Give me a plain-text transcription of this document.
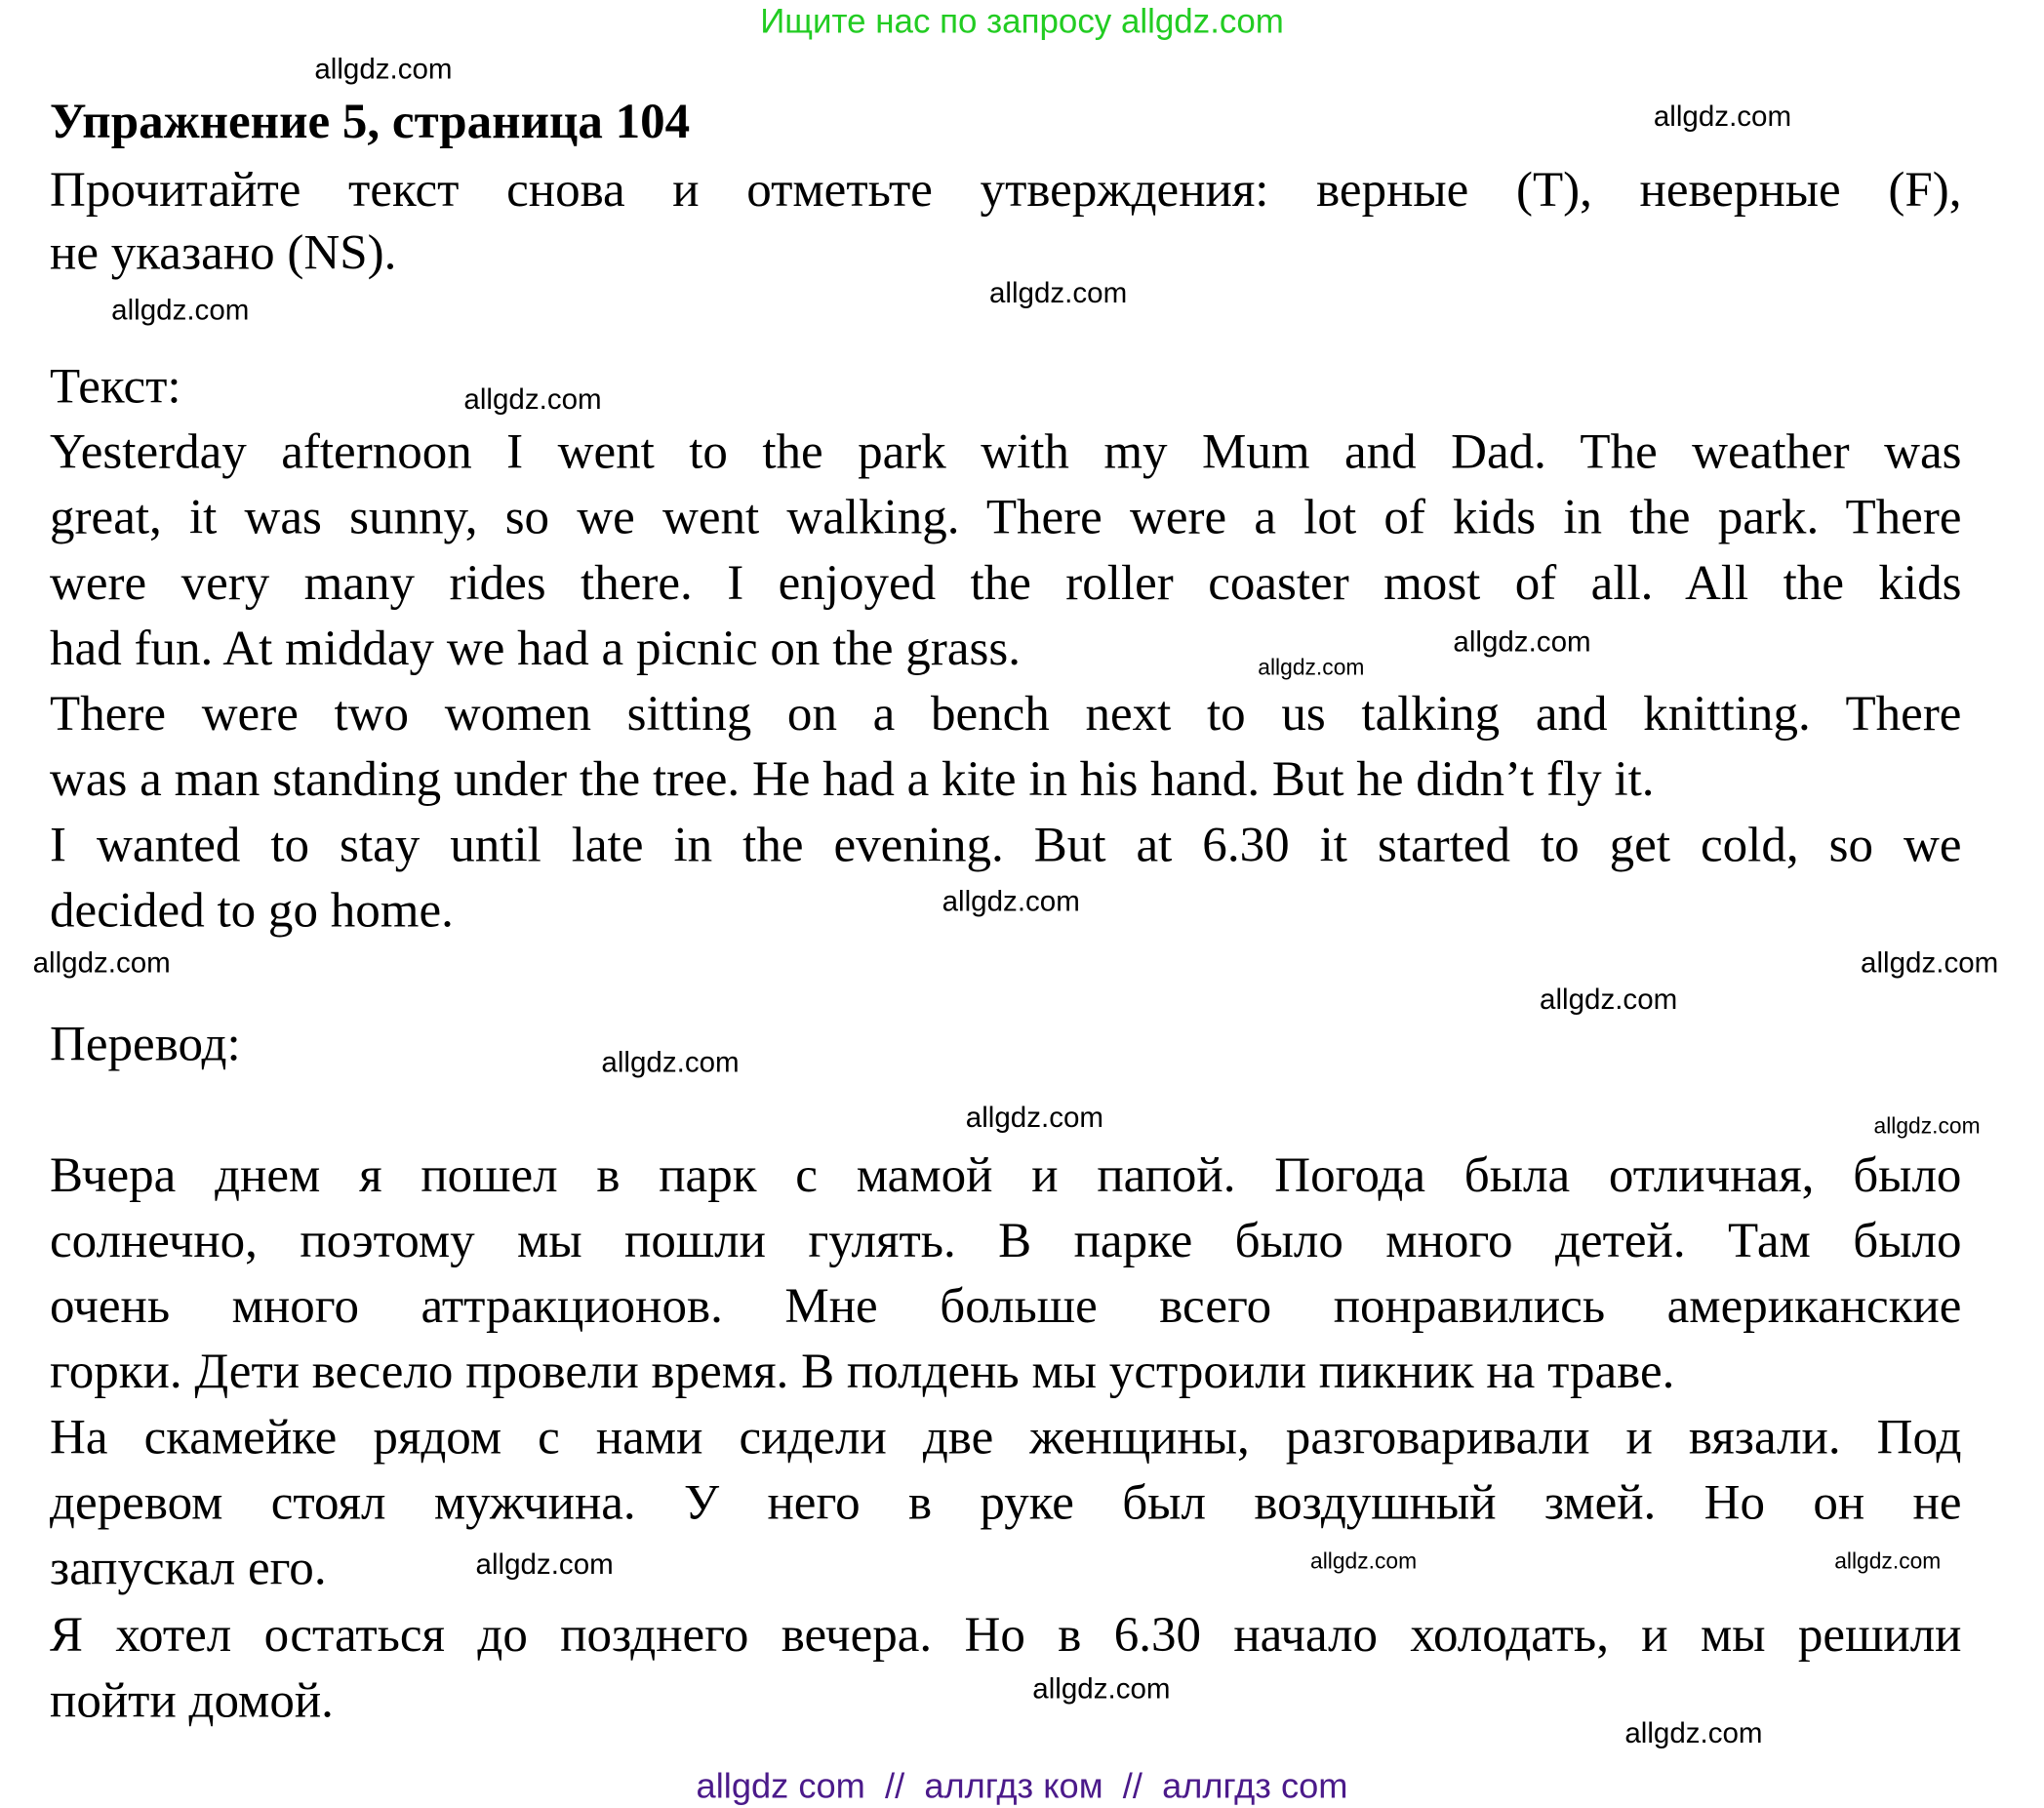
Ищите нас по запросу allgdz.com
Упражнение 5, страница 104
Прочитайте текст снова и отметьте утверждения: верные (Т), неверные (F),
не указано (NS).
Текст:
Yesterday afternoon I went to the park with my Mum and Dad. The weather was
great, it was sunny, so we went walking. There were a lot of kids in the park. There
were very many rides there. I enjoyed the roller coaster most of all. All the kids
had fun. At midday we had a picnic on the grass.
There were two women sitting on a bench next to us talking and knitting. There
was a man standing under the tree. He had a kite in his hand. But he didn’t fly it.
I wanted to stay until late in the evening. But at 6.30 it started to get cold, so we
decided to go home.
Перевод:
Вчера днем я пошел в парк с мамой и папой. Погода была отличная, было
солнечно, поэтому мы пошли гулять. В парке было много детей. Там было
очень много аттракционов. Мне больше всего понравились американские
горки. Дети весело провели время. В полдень мы устроили пикник на траве.
На скамейке рядом с нами сидели две женщины, разговаривали и вязали. Под
деревом стоял мужчина. У него в руке был воздушный змей. Но он не
запускал его.
Я хотел остаться до позднего вечера. Но в 6.30 начало холодать, и мы решили
пойти домой.
allgdz.com
allgdz.com
allgdz.com
allgdz.com
allgdz.com
allgdz.com
allgdz.com
allgdz.com
allgdz.com
allgdz.com
allgdz.com
allgdz.com
allgdz.com	allgdz.com
allgdz.com
allgdz.com
allgdz.com
allgdz.com
allgdz.com
allgdz com  //  аллгдз ком  //  аллгдз com
